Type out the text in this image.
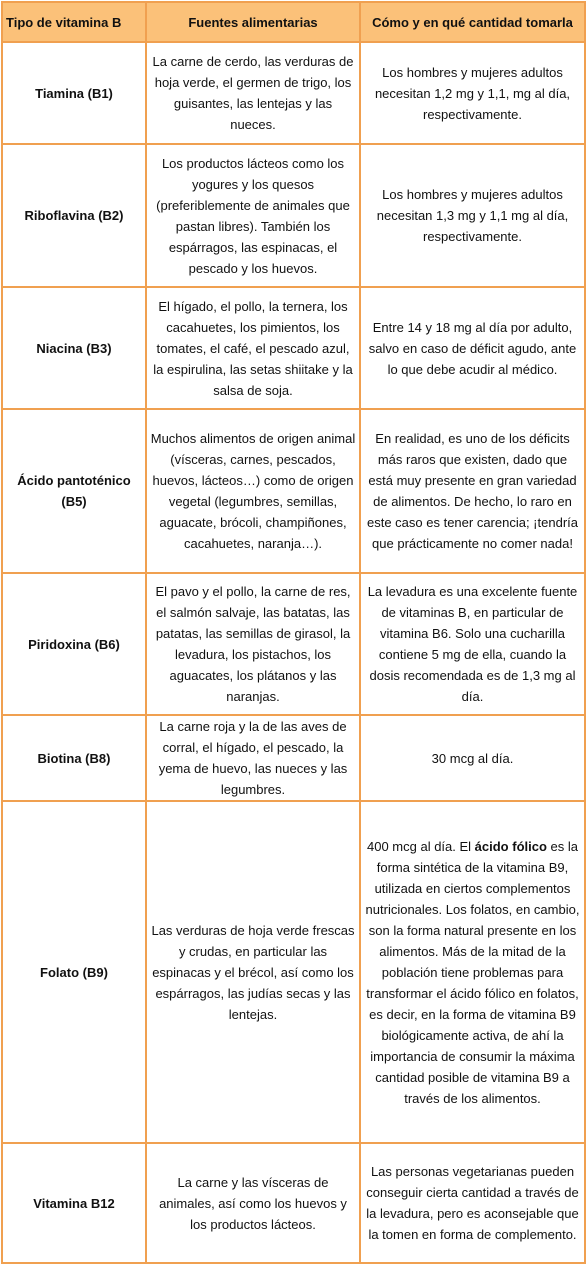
Tipo de vitamina B	Fuentes alimentarias	Cómo y en qué cantidad tomarla
Tiamina (B1)	La carne de cerdo, las verduras de hoja verde, el germen de trigo, los guisantes, las lentejas y las nueces.	Los hombres y mujeres adultos necesitan 1,2 mg y 1,1, mg al día, respectivamente.
Riboflavina (B2)	Los productos lácteos como los yogures y los quesos (preferiblemente de animales que pastan libres). También los espárragos, las espinacas, el pescado y los huevos.	Los hombres y mujeres adultos necesitan 1,3 mg y 1,1 mg al día, respectivamente.
Niacina (B3)	El hígado, el pollo, la ternera, los cacahuetes, los pimientos, los tomates, el café, el pescado azul, la espirulina, las setas shiitake y la salsa de soja.	Entre 14 y 18 mg al día por adulto, salvo en caso de déficit agudo, ante lo que debe acudir al médico.
Ácido pantoténico (B5)	Muchos alimentos de origen animal (vísceras, carnes, pescados, huevos, lácteos…) como de origen vegetal (legumbres, semillas, aguacate, brócoli, champiñones, cacahuetes, naranja…).	En realidad, es uno de los déficits más raros que existen, dado que está muy presente en gran variedad de alimentos. De hecho, lo raro en este caso es tener carencia; ¡tendría que prácticamente no comer nada!
Piridoxina (B6)	El pavo y el pollo, la carne de res, el salmón salvaje, las batatas, las patatas, las semillas de girasol, la levadura, los pistachos, los aguacates, los plátanos y las naranjas.	La levadura es una excelente fuente de vitaminas B, en particular de vitamina B6. Solo una cucharilla contiene 5 mg de ella, cuando la dosis recomendada es de 1,3 mg al día.
Biotina (B8)	La carne roja y la de las aves de corral, el hígado, el pescado, la yema de huevo, las nueces y las legumbres.	30 mcg al día.
Folato (B9)	Las verduras de hoja verde frescas y crudas, en particular las espinacas y el brécol, así como los espárragos, las judías secas y las lentejas.	400 mcg al día. El ácido fólico es la forma sintética de la vitamina B9, utilizada en ciertos complementos nutricionales. Los folatos, en cambio, son la forma natural presente en los alimentos. Más de la mitad de la población tiene problemas para transformar el ácido fólico en folatos, es decir, en la forma de vitamina B9 biológicamente activa, de ahí la importancia de consumir la máxima cantidad posible de vitamina B9 a través de los alimentos.
Vitamina B12	La carne y las vísceras de animales, así como los huevos y los productos lácteos.	Las personas vegetarianas pueden conseguir cierta cantidad a través de la levadura, pero es aconsejable que la tomen en forma de complemento.
